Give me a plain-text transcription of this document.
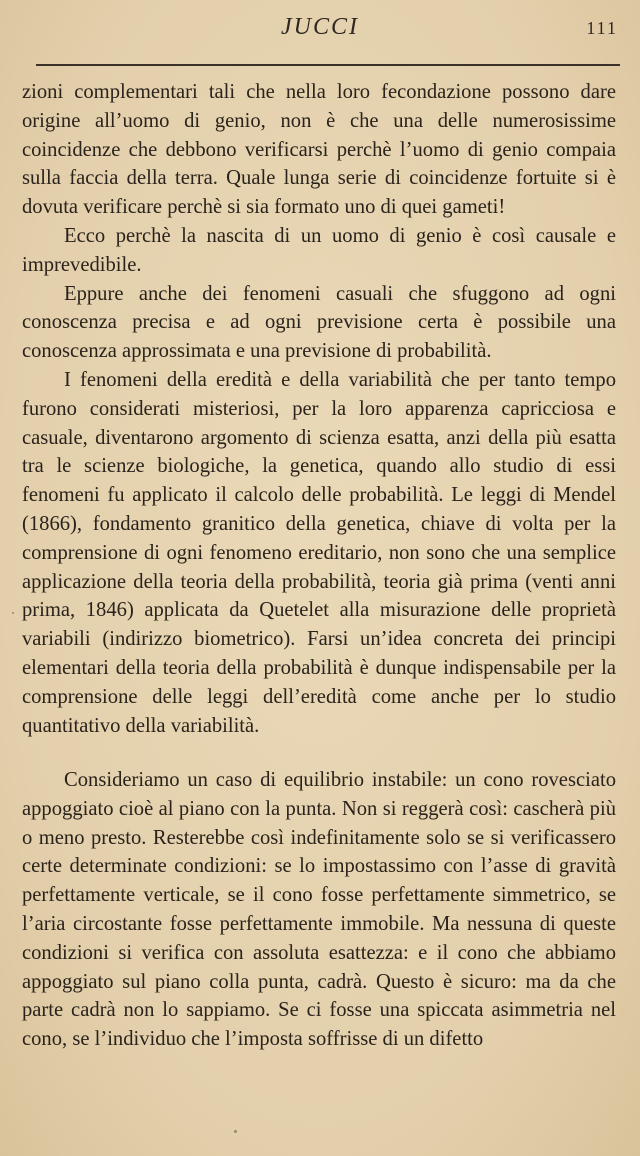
JUCCI	111

zioni complementari tali che nella loro fecondazione possono dare origine all’uomo di genio, non è che una delle numerosissime coincidenze che debbono verificarsi perchè l’uomo di genio compaia sulla faccia della terra. Quale lunga serie di coincidenze fortuite si è dovuta verificare perchè si sia formato uno di quei gameti!

Ecco perchè la nascita di un uomo di genio è così causale e imprevedibile.

Eppure anche dei fenomeni casuali che sfuggono ad ogni conoscenza precisa e ad ogni previsione certa è possibile una conoscenza approssimata e una previsione di probabilità.

I fenomeni della eredità e della variabilità che per tanto tempo furono considerati misteriosi, per la loro apparenza capricciosa e casuale, diventarono argomento di scienza esatta, anzi della più esatta tra le scienze biologiche, la genetica, quando allo studio di essi fenomeni fu applicato il calcolo delle probabilità. Le leggi di Mendel (1866), fondamento granitico della genetica, chiave di volta per la comprensione di ogni fenomeno ereditario, non sono che una semplice applicazione della teoria della probabilità, teoria già prima (venti anni prima, 1846) applicata da Quetelet alla misurazione delle proprietà variabili (indirizzo biometrico). Farsi un’idea concreta dei principi elementari della teoria della probabilità è dunque indispensabile per la comprensione delle leggi dell’eredità come anche per lo studio quantitativo della variabilità.

Consideriamo un caso di equilibrio instabile: un cono rovesciato appoggiato cioè al piano con la punta. Non si reggerà così: cascherà più o meno presto. Resterebbe così indefinitamente solo se si verificassero certe determinate condizioni: se lo impostassimo con l’asse di gravità perfettamente verticale, se il cono fosse perfettamente simmetrico, se l’aria circostante fosse perfettamente immobile. Ma nessuna di queste condizioni si verifica con assoluta esattezza: e il cono che abbiamo appoggiato sul piano colla punta, cadrà. Questo è sicuro: ma da che parte cadrà non lo sappiamo. Se ci fosse una spiccata asimmetria nel cono, se l’individuo che l’imposta soffrisse di un difetto
